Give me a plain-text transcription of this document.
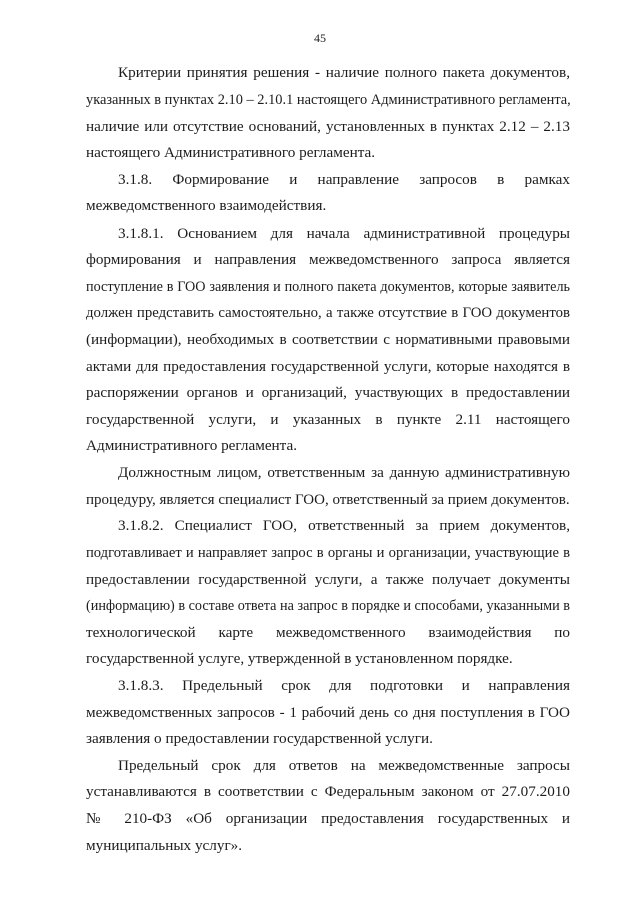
45
Критерии принятия решения - наличие полного пакета документов,
указанных в пунктах 2.10 – 2.10.1 настоящего Административного регламента,
наличие или отсутствие оснований, установленных в пунктах 2.12 – 2.13
настоящего Административного регламента.
3.1.8. Формирование и направление запросов в рамках
межведомственного взаимодействия.
3.1.8.1. Основанием для начала административной процедуры
формирования и направления межведомственного запроса является
поступление в ГОО заявления и полного пакета документов, которые заявитель
должен представить самостоятельно, а также отсутствие в ГОО документов
(информации), необходимых в соответствии с нормативными правовыми
актами для предоставления государственной услуги, которые находятся в
распоряжении органов и организаций, участвующих в предоставлении
государственной услуги, и указанных в пункте 2.11 настоящего
Административного регламента.
Должностным лицом, ответственным за данную административную
процедуру, является специалист ГОО, ответственный за прием документов.
3.1.8.2. Специалист ГОО, ответственный за прием документов,
подготавливает и направляет запрос в органы и организации, участвующие в
предоставлении государственной услуги, а также получает документы
(информацию) в составе ответа на запрос в порядке и способами, указанными в
технологической карте межведомственного взаимодействия по
государственной услуге, утвержденной в установленном порядке.
3.1.8.3. Предельный срок для подготовки и направления
межведомственных запросов - 1 рабочий день со дня поступления в ГОО
заявления о предоставлении государственной услуги.
Предельный срок для ответов на межведомственные запросы
устанавливаются в соответствии с Федеральным законом от 27.07.2010
№ 210-ФЗ «Об организации предоставления государственных и
муниципальных услуг».
